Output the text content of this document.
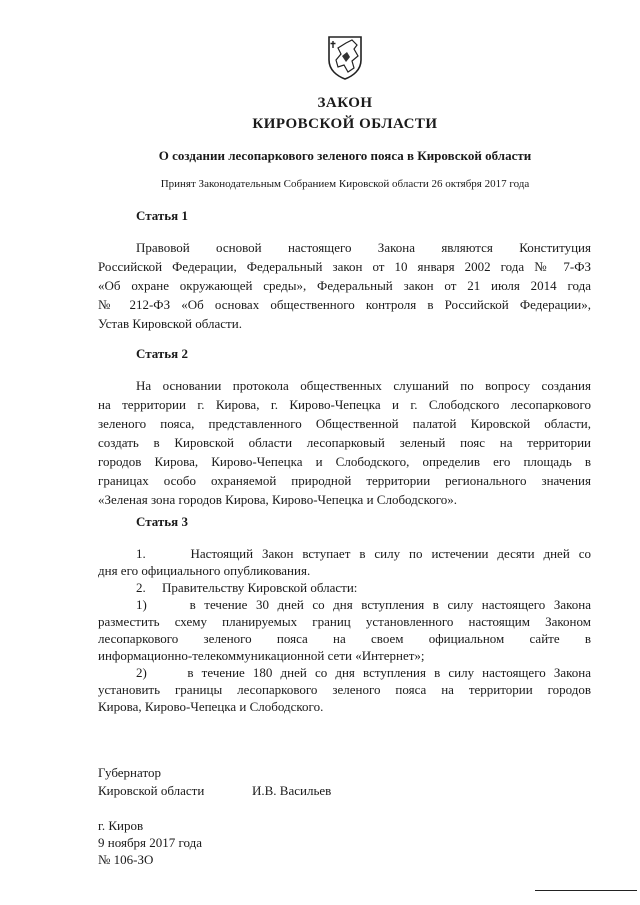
ЗАКОН
КИРОВСКОЙ ОБЛАСТИ
О создании лесопаркового зеленого пояса в Кировской области
Принят Законодательным Собранием Кировской области 26 октября 2017 года
Статья 1
Правовой основой настоящего Закона являются Конституция
Российской Федерации, Федеральный закон от 10 января 2002 года № 7-ФЗ
«Об охране окружающей среды», Федеральный закон от 21 июля 2014 года
№ 212-ФЗ «Об основах общественного контроля в Российской Федерации»,
Устав Кировской области.
Статья 2
На основании протокола общественных слушаний по вопросу создания
на территории г. Кирова, г. Кирово-Чепецка и г. Слободского лесопаркового
зеленого пояса, представленного Общественной палатой Кировской области,
создать в Кировской области лесопарковый зеленый пояс на территории
городов Кирова, Кирово-Чепецка и Слободского, определив его площадь в
границах особо охраняемой природной территории регионального значения
«Зеленая зона городов Кирова, Кирово-Чепецка и Слободского».
Статья 3
1.     Настоящий Закон вступает в силу по истечении десяти дней со
дня его официального опубликования.
2.     Правительству Кировской области:
1)     в течение 30 дней со дня вступления в силу настоящего Закона
разместить схему планируемых границ установленного настоящим Законом
лесопаркового зеленого пояса на своем официальном сайте в
информационно-телекоммуникационной сети «Интернет»;
2)     в течение 180 дней со дня вступления в силу настоящего Закона
установить границы лесопаркового зеленого пояса на территории городов
Кирова, Кирово-Чепецка и Слободского.
Губернатор
Кировской области	И.В. Васильев
г. Киров
9 ноября 2017 года
№ 106-ЗО
